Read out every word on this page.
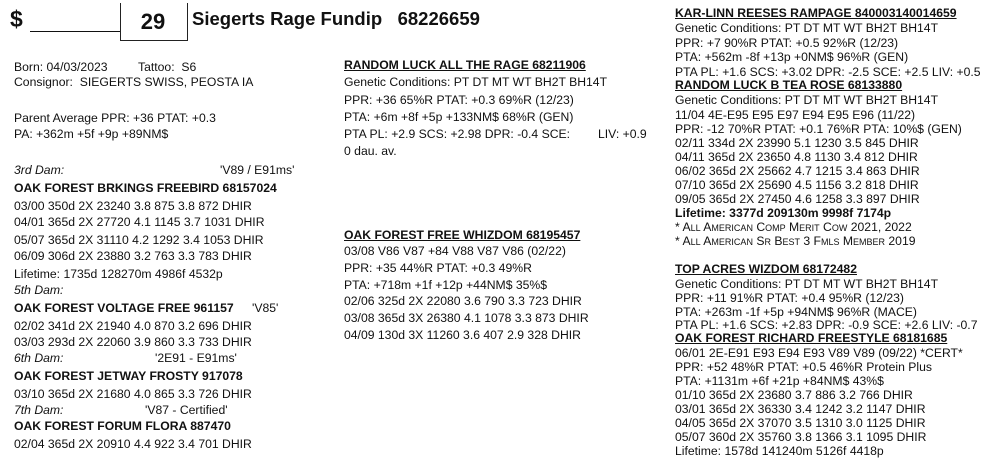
$	29	Siegerts Rage Fundip 68226659
Born: 04/03/2023 Tattoo: S6
Consignor: SIEGERTS SWISS, PEOSTA IA
Parent Average PPR: +36 PTAT: +0.3
PA: +362m +5f +9p +89NM$
3rd Dam:	'V89 / E91ms'
OAK FOREST BRKINGS FREEBIRD 68157024
03/00 350d 2X 23240 3.8 875 3.8 872 DHIR
04/01 365d 2X 27720 4.1 1145 3.7 1031 DHIR
05/07 365d 2X 31110 4.2 1292 3.4 1053 DHIR
06/09 306d 2X 23880 3.2 763 3.3 783 DHIR
Lifetime: 1735d 128270m 4986f 4532p
5th Dam:
OAK FOREST VOLTAGE FREE 961157 'V85'
02/02 341d 2X 21940 4.0 870 3.2 696 DHIR
03/03 293d 2X 22060 3.9 860 3.3 733 DHIR
6th Dam:	'2E91 - E91ms'
OAK FOREST JETWAY FROSTY 917078
03/10 365d 2X 21680 4.0 865 3.3 726 DHIR
7th Dam:	'V87 - Certified'
OAK FOREST FORUM FLORA 887470
02/04 365d 2X 20910 4.4 922 3.4 701 DHIR
RANDOM LUCK ALL THE RAGE 68211906
Genetic Conditions: PT DT MT WT BH2T BH14T
PPR: +36 65%R PTAT: +0.3 69%R (12/23)
PTA: +6m +8f +5p +133NM$ 68%R (GEN)
PTA PL: +2.9 SCS: +2.98 DPR: -0.4 SCE: LIV: +0.9
0 dau. av.
OAK FOREST FREE WHIZDOM 68195457
03/08 V86 V87 +84 V88 V87 V86 (02/22)
PPR: +35 44%R PTAT: +0.3 49%R
PTA: +718m +1f +12p +44NM$ 35%$
02/06 325d 2X 22080 3.6 790 3.3 723 DHIR
03/08 365d 3X 26380 4.1 1078 3.3 873 DHIR
04/09 130d 3X 11260 3.6 407 2.9 328 DHIR
KAR-LINN REESES RAMPAGE 840003140014659
Genetic Conditions: PT DT MT WT BH2T BH14T
PPR: +7 90%R PTAT: +0.5 92%R (12/23)
PTA: +562m -8f +13p +0NM$ 96%R (GEN)
PTA PL: +1.6 SCS: +3.02 DPR: -2.5 SCE: +2.5 LIV: +0.5
RANDOM LUCK B TEA ROSE 68133880
Genetic Conditions: PT DT MT WT BH2T BH14T
11/04 4E-E95 E95 E97 E94 E95 E96 (11/22)
PPR: -12 70%R PTAT: +0.1 76%R PTA: 10%$ (GEN)
02/11 334d 2X 23990 5.1 1230 3.5 845 DHIR
04/11 365d 2X 23650 4.8 1130 3.4 812 DHIR
06/02 365d 2X 25662 4.7 1215 3.4 863 DHIR
07/10 365d 2X 25690 4.5 1156 3.2 818 DHIR
09/05 365d 2X 27450 4.6 1258 3.3 897 DHIR
Lifetime: 3377d 209130m 9998f 7174p
* All American Comp Merit Cow 2021, 2022
* All American Sr Best 3 Fmls Member 2019
TOP ACRES WIZDOM 68172482
Genetic Conditions: PT DT MT WT BH2T BH14T
PPR: +11 91%R PTAT: +0.4 95%R (12/23)
PTA: +263m -1f +5p +94NM$ 96%R (MACE)
PTA PL: +1.6 SCS: +2.83 DPR: -0.9 SCE: +2.6 LIV: -0.7
OAK FOREST RICHARD FREESTYLE 68181685
06/01 2E-E91 E93 E94 E93 V89 V89 (09/22) *CERT*
PPR: +52 48%R PTAT: +0.5 46%R Protein Plus
PTA: +1131m +6f +21p +84NM$ 43%$
01/10 365d 2X 23680 3.7 886 3.2 766 DHIR
03/01 365d 2X 36330 3.4 1242 3.2 1147 DHIR
04/05 365d 2X 37070 3.5 1310 3.0 1125 DHIR
05/07 360d 2X 35760 3.8 1366 3.1 1095 DHIR
Lifetime: 1578d 141240m 5126f 4418p
